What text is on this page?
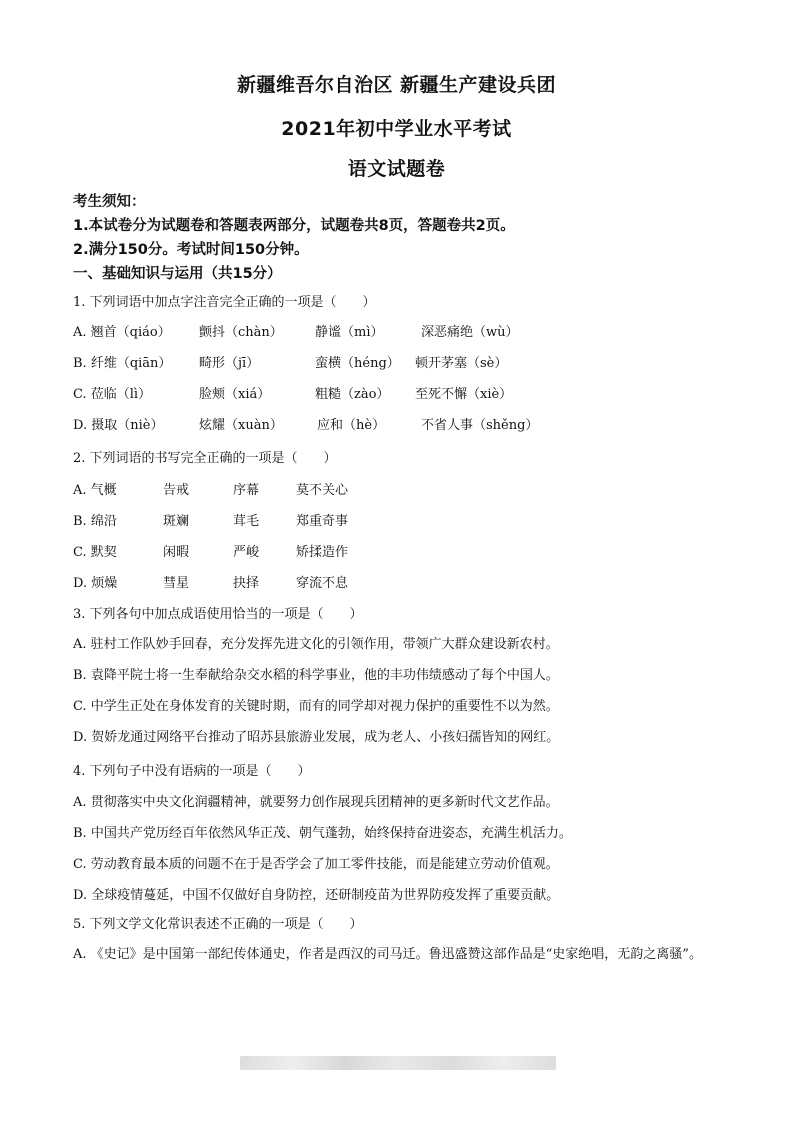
新疆维吾尔自治区 新疆生产建设兵团
2021年初中学业水平考试
语文试题卷
考生须知：
1.本试卷分为试题卷和答题表两部分，试题卷共8页，答题卷共2页。
2.满分150分。考试时间150分钟。
一、基础知识与运用（共15分）
1. 下列词语中加点字注音完全正确的一项是（　　）
A. 翘首（qiáo） 颤抖（chàn） 静谧（mì）	深恶痛绝（wù）
B. 纤维（qiān） 畸形（jī）	蛮横（héng） 顿开茅塞（sè）
C. 莅临（lì）	脸颊（xiá）	粗糙（zào） 至死不懈（xiè）
D. 摄取（niè）	炫耀（xuàn）	应和（hè）	不省人事（shěng）
2. 下列词语的书写完全正确的一项是（　　）
A. 气概	告戒	序幕	莫不关心
B. 绵沿	斑斓	茸毛	郑重奇事
C. 默契	闲暇	严峻	矫揉造作
D. 烦燥	彗星	抉择	穿流不息
3. 下列各句中加点成语使用恰当的一项是（　　）
A. 驻村工作队妙手回春，充分发挥先进文化的引领作用，带领广大群众建设新农村。
B. 袁降平院士将一生奉献给杂交水稻的科学事业，他的丰功伟绩感动了每个中国人。
C. 中学生正处在身体发育的关键时期，而有的同学却对视力保护的重要性不以为然。
D. 贺娇龙通过网络平台推动了昭苏县旅游业发展，成为老人、小孩妇孺皆知的网红。
4. 下列句子中没有语病的一项是（　　）
A. 贯彻落实中央文化润疆精神，就要努力创作展现兵团精神的更多新时代文艺作品。
B. 中国共产党历经百年依然风华正茂、朝气蓬勃，始终保持奋进姿态，充满生机活力。
C. 劳动教育最本质的问题不在于是否学会了加工零件技能，而是能建立劳动价值观。
D. 全球疫情蔓延，中国不仅做好自身防控，还研制疫苗为世界防疫发挥了重要贡献。
5. 下列文学文化常识表述不正确的一项是（　　）
A. 《史记》是中国第一部纪传体通史，作者是西汉的司马迁。鲁迅盛赞这部作品是“史家绝唱，无韵之离骚”。
